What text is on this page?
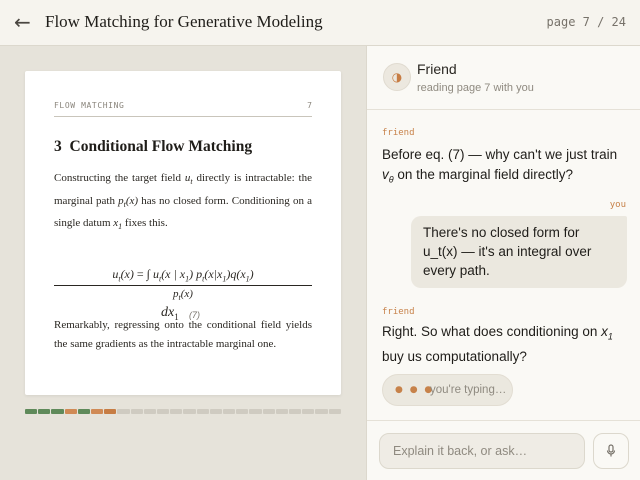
← Flow Matching for Generative Modeling	page 7 / 24
FLOW MATCHING	7
3 Conditional Flow Matching
Constructing the target field $u_t$ directly is intractable: the marginal path $p_t(x)$ has no closed form. Conditioning on a single datum $x_1$ fixes this.
$u_t(x)$ = ∫ $u_t(x$ | $x_1$) $p_t(x|x_1)q(x_1)$
$p_t(x)$
$dx_1$ (7)
Remarkably, regressing onto the conditional field yields the same gradients as the intractable marginal one.
◑	Friend
reading page 7 with you
friend
Before eq. (7) — why can't we just train $v_\theta$ on the marginal field directly?
you
There's no closed form for u_t(x) — it's an integral over every path.
friend
Right. So what does conditioning on $x_1$ buy us computationally?
● ● ●
you're typing…
Explain it back, or ask…
